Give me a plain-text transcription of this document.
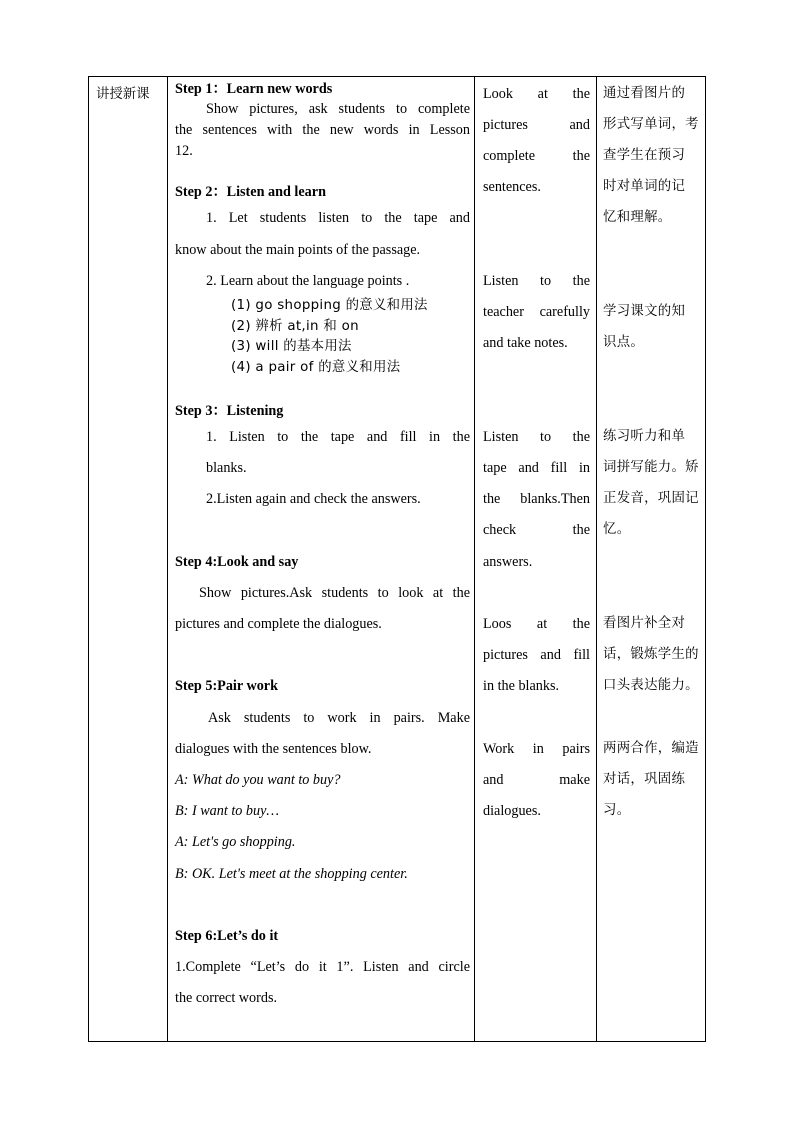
讲授新课 Step 1：Learn new words
Show pictures, ask students to complete
the sentences with the new words in Lesson
12.
Step 2：Listen and learn
1. Let students listen to the tape and
know about the main points of the passage.
2. Learn about the language points .
(1) go shopping 的意义和用法
(2) 辨析 at,in 和 on
(3) will 的基本用法
(4) a pair of 的意义和用法
Step 3：Listening
1. Listen to the tape and fill in the
blanks.
2.Listen again and check the answers.
Step 4:Look and say
Show pictures.Ask students to look at the
pictures and complete the dialogues.
Step 5:Pair work
Ask students to work in pairs. Make
dialogues with the sentences blow.
A: What do you want to buy?
B: I want to buy…
A: Let's go shopping.
B: OK. Let's meet at the shopping center.
Step 6:Let’s do it
1.Complete “Let’s do it 1”. Listen and circle
the correct words.
Look at the
pictures and
complete the
sentences.
Listen to the
teacher carefully
and take notes.
Listen to the
tape and fill in
the blanks.Then
check the
answers.
Loos at the
pictures and fill
in the blanks.
Work in pairs
and make
dialogues.
通过看图片的
形式写单词，考
查学生在预习
时对单词的记
忆和理解。
学习课文的知
识点。
练习听力和单
词拼写能力。矫
正发音，巩固记
忆。
看图片补全对
话，锻炼学生的
口头表达能力。
两两合作，编造
对话，巩固练
习。
